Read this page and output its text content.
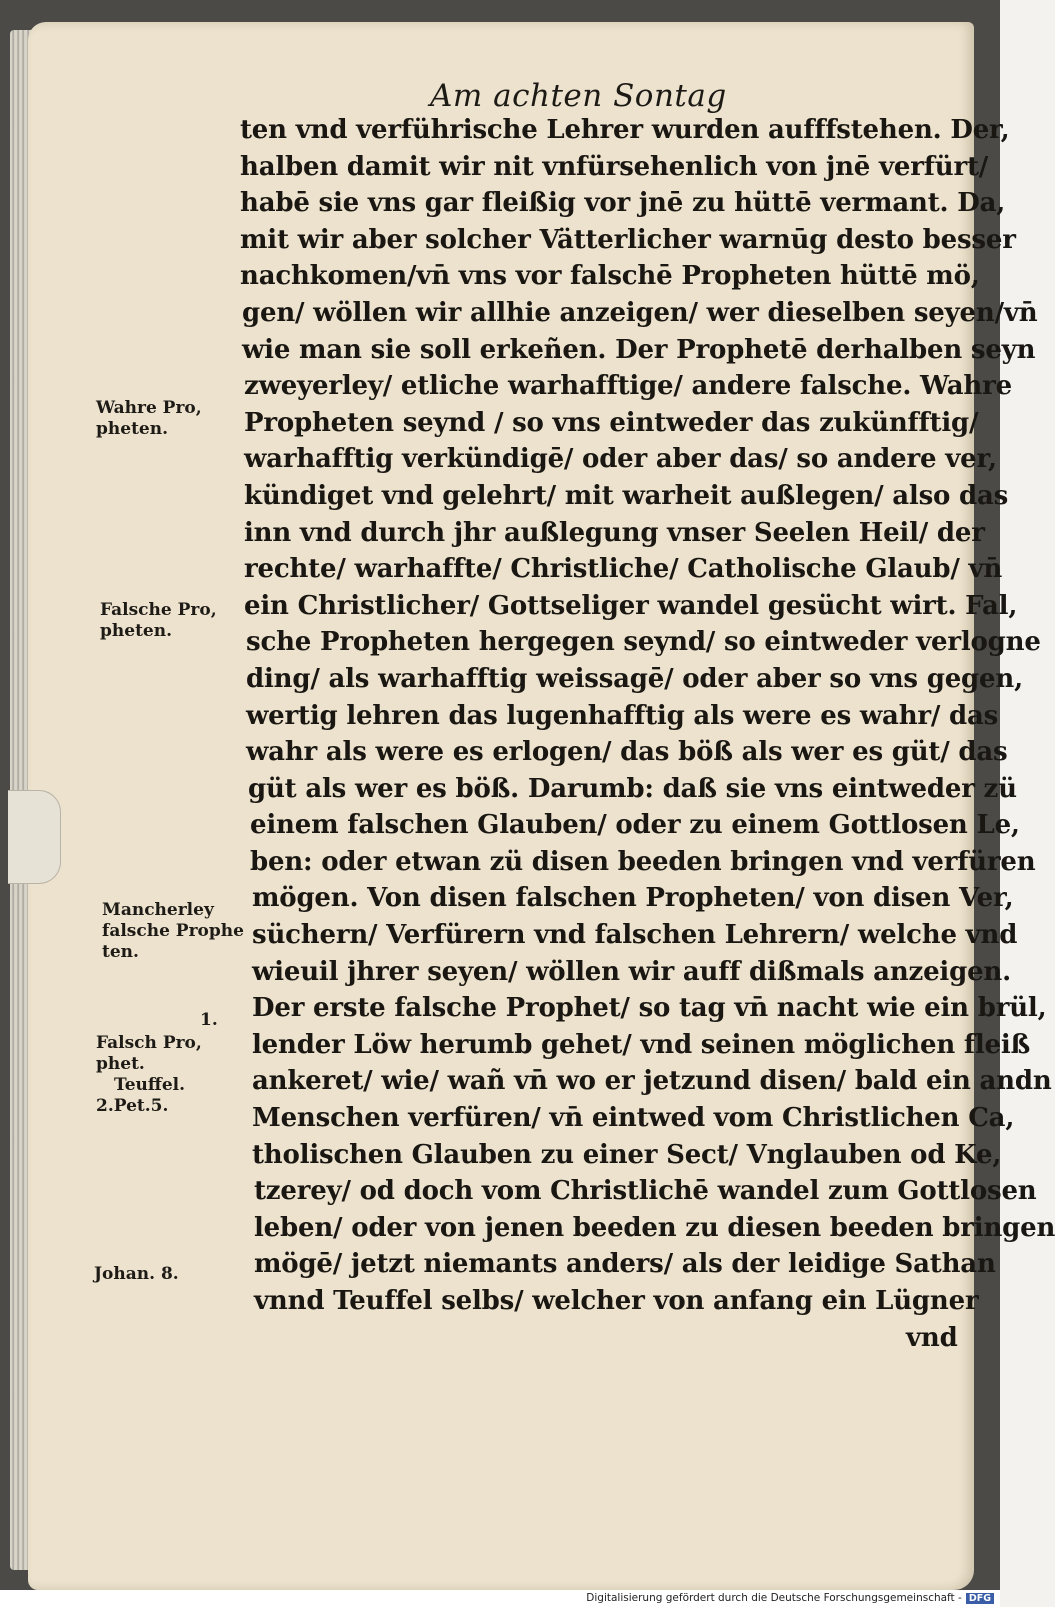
Am achten Sontag
ten vnd verführische Lehrer wurden aufffstehen. Der,
halben damit wir nit vnfürsehenlich von jnē verfürt/
habē sie vns gar fleißig vor jnē zu hüttē vermant. Da,
mit wir aber solcher Vätterlicher warnūg desto besser
nachkomen/vn̄ vns vor falschē Propheten hüttē mö,
gen/ wöllen wir allhie anzeigen/ wer dieselben seyen/vn̄
wie man sie soll erkeñen. Der Prophetē derhalben seyn
zweyerley/ etliche warhafftige/ andere falsche. Wahre
Propheten seynd / so vns eintweder das zukünfftig/
warhafftig verkündigē/ oder aber das/ so andere ver,
kündiget vnd gelehrt/ mit warheit außlegen/ also das
inn vnd durch jhr außlegung vnser Seelen Heil/ der
rechte/ warhaffte/ Christliche/ Catholische Glaub/ vn̄
ein Christlicher/ Gottseliger wandel gesücht wirt. Fal,
sche Propheten hergegen seynd/ so eintweder verlogne
ding/ als warhafftig weissagē/ oder aber so vns gegen,
wertig lehren das lugenhafftig als were es wahr/ das
wahr als were es erlogen/ das böß als wer es güt/ das
güt als wer es böß. Darumb: daß sie vns eintweder zü
einem falschen Glauben/ oder zu einem Gottlosen Le,
ben: oder etwan zü disen beeden bringen vnd verfüren
mögen. Von disen falschen Propheten/ von disen Ver,
süchern/ Verfürern vnd falschen Lehrern/ welche vnd
wieuil jhrer seyen/ wöllen wir auff dißmals anzeigen.
Der erste falsche Prophet/ so tag vn̄ nacht wie ein brül,
lender Löw herumb gehet/ vnd seinen möglichen fleiß
ankeret/ wie/ wañ vn̄ wo er jetzund disen/ bald ein andn
Menschen verfüren/ vn̄ eintwed vom Christlichen Ca,
tholischen Glauben zu einer Sect/ Vnglauben od Ke,
tzerey/ od doch vom Christlichē wandel zum Gottlosen
leben/ oder von jenen beeden zu diesen beeden bringen
mögē/ jetzt niemants anders/ als der leidige Sathan
vnnd Teuffel selbs/ welcher von anfang ein Lügner
vnd
Wahre Pro,
pheten.
Falsche Pro,
pheten.
Mancherley
falsche Prophe
ten.
1.
Falsch Pro,
phet.
Teuffel.
2.Pet.5.
Johan. 8.
Digitalisierung gefördert durch die Deutsche Forschungsgemeinschaft - DFG
